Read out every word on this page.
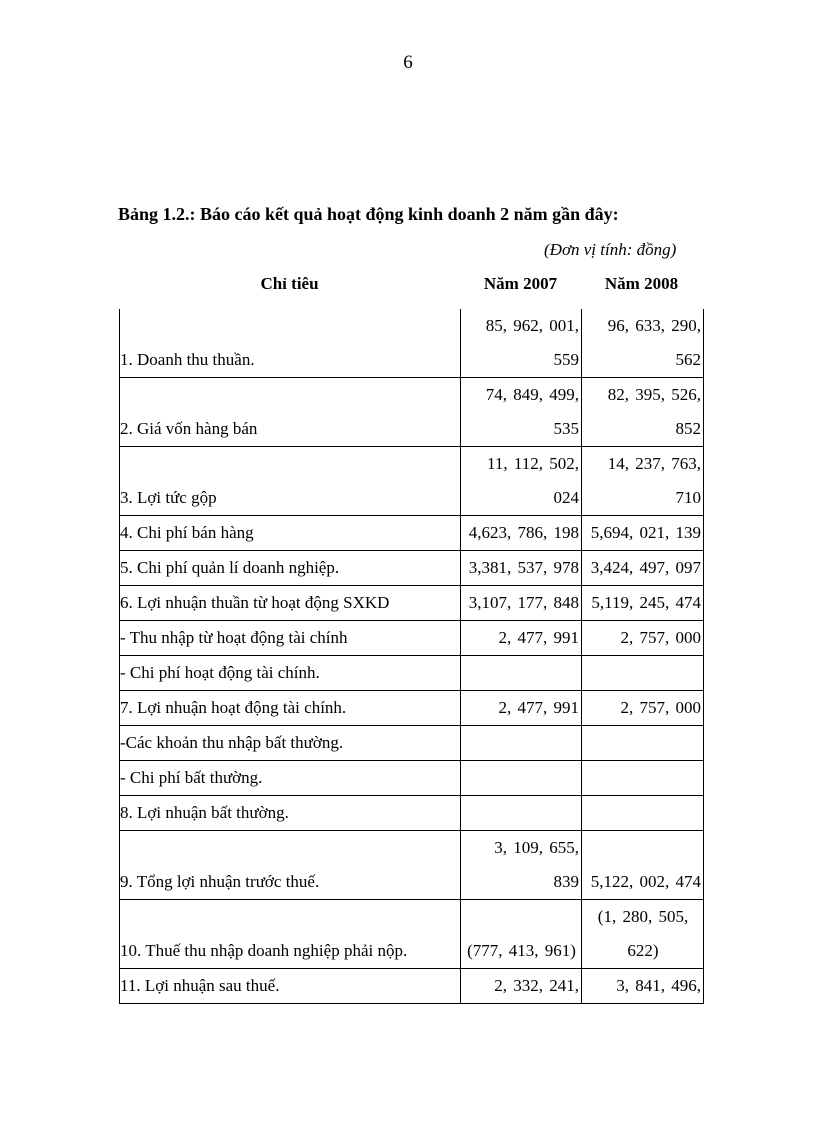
6
Bảng 1.2.: Báo cáo kết quả hoạt động kinh doanh 2 năm gần đây:
(Đơn vị tính: đồng)
Chỉ tiêu	Năm 2007	Năm 2008
1. Doanh thu thuần.	85, 962, 001, 559	96, 633, 290, 562
2. Giá vốn hàng bán	74, 849, 499, 535	82, 395, 526, 852
3. Lợi tức gộp	11, 112, 502, 024	14, 237, 763, 710
4. Chi phí bán hàng	4,623, 786, 198	5,694, 021, 139
5. Chi phí quản lí doanh nghiệp.	3,381, 537, 978	3,424, 497, 097
6. Lợi nhuận thuần từ hoạt động SXKD	3,107, 177, 848	5,119, 245, 474
- Thu nhập từ hoạt động tài chính	2, 477, 991	2, 757, 000
- Chi phí hoạt động tài chính.		
7. Lợi nhuận hoạt động tài chính.	2, 477, 991	2, 757, 000
-Các khoản thu nhập bất thường.		
- Chi phí bất thường.		
8. Lợi nhuận bất thường.		
9. Tổng lợi nhuận trước thuế.	3, 109, 655, 839	5,122, 002, 474
10. Thuế thu nhập doanh nghiệp phải nộp.	(777, 413, 961)	(1, 280, 505, 622)
11. Lợi nhuận sau thuế.	2, 332, 241,	3, 841, 496,
